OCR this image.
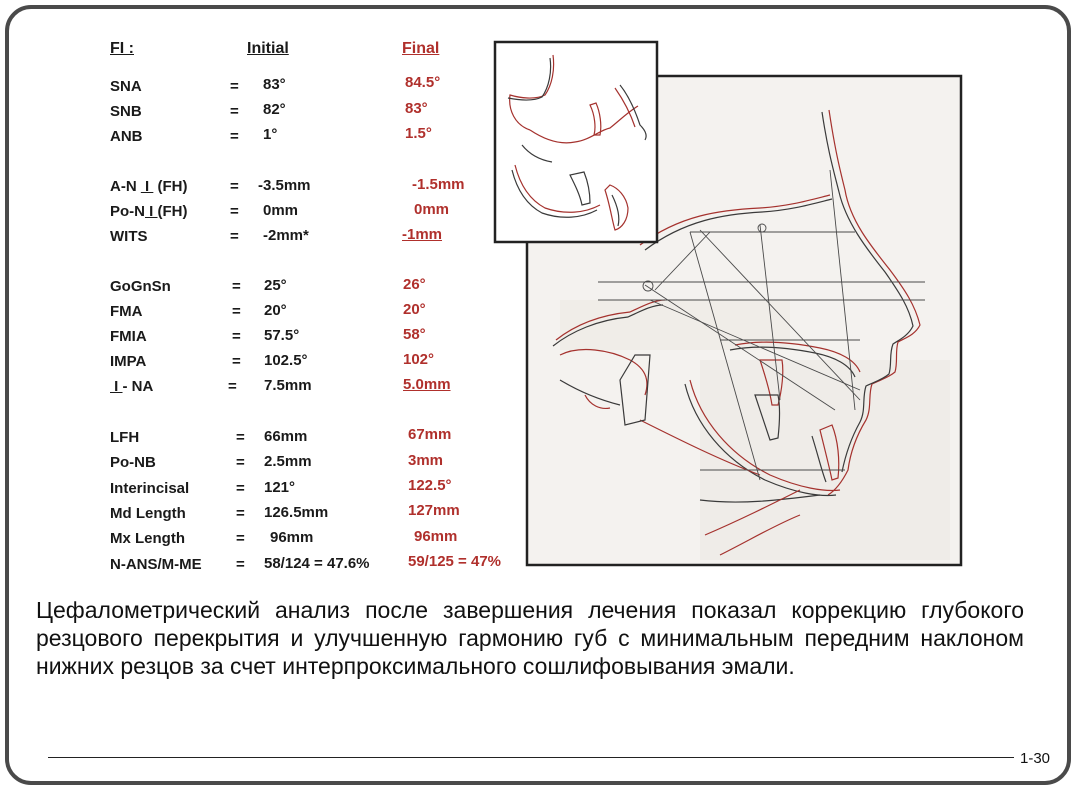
FI :	Initial	Final
SNA	= 83°	84.5°
SNB	= 82°	83°
ANB	= 1°	1.5°
A-N  I  (FH)	= -3.5mm	-1.5mm
Po-N I (FH)	= 0mm	0mm
WITS	= -2mm*	-1mm
GoGnSn	= 25°	26°
FMA	= 20°	20°
FMIA	= 57.5°	58°
IMPA	= 102.5°	102°
I - NA	= 7.5mm	5.0mm
LFH	= 66mm	67mm
Po-NB	= 2.5mm	3mm
Interincisal	= 121°	122.5°
Md Length	= 126.5mm	127mm
Mx Length	= 96mm	96mm
N-ANS/M-ME = 58/124 = 47.6%	59/125 = 47%
Цефалометрический анализ после завершения лечения показал коррекцию глубокого резцового перекрытия и улучшенную гармонию губ с минимальным передним наклоном нижних резцов за счет интерпроксимального сошлифовывания эмали.
1-30
